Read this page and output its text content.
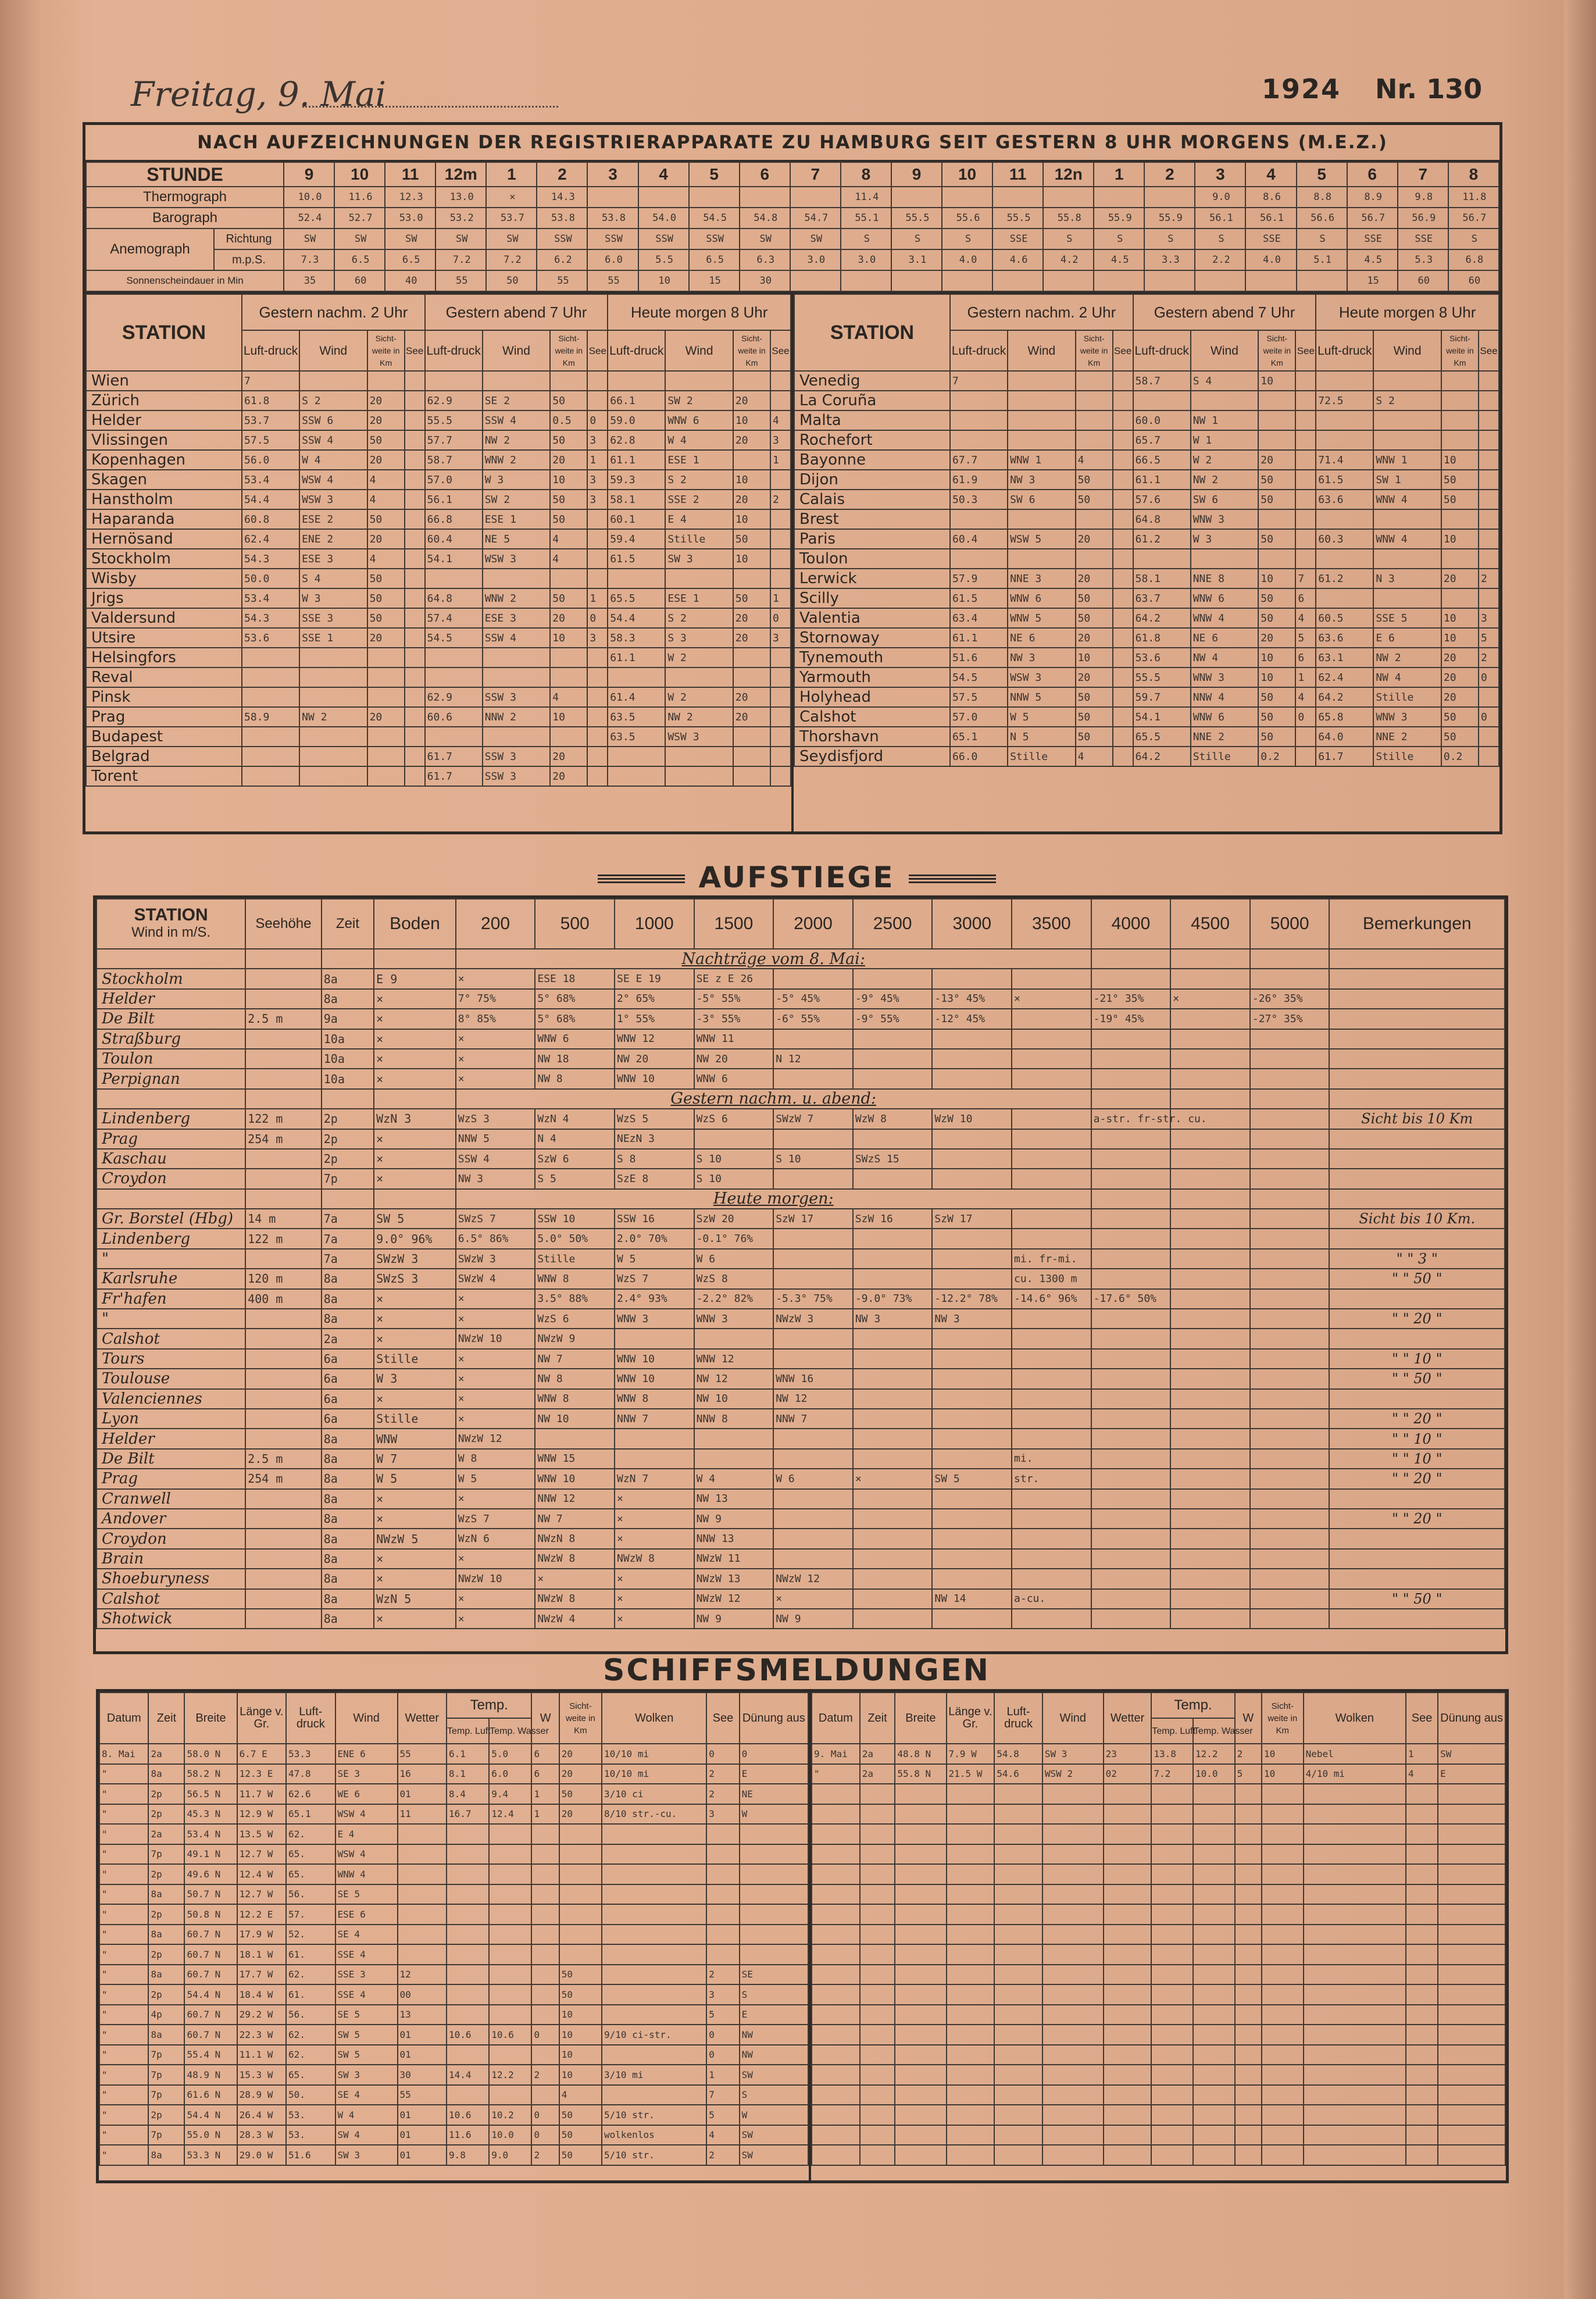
Freitag, 9. Mai	1924 Nr. 130
NACH AUFZEICHNUNGEN DER REGISTRIERAPPARATE ZU HAMBURG SEIT GESTERN 8 UHR MORGENS (M.E.Z.)
STUNDE		9	10	11	12m	1	2	3	4	5	6	7	8	9	10	11	12n	1	2	3	4	5	6	7	8
Thermograph		10.0	11.6	12.3	13.0	×	14.3						11.4							9.0	8.6	8.8	8.9	9.8	11.8
Barograph		52.4	52.7	53.0	53.2	53.7	53.8	53.8	54.0	54.5	54.8	54.7	55.1	55.5	55.6	55.5	55.8	55.9	55.9	56.1	56.1	56.6	56.7	56.9	56.7
Anemograph	Richtung	SW	SW	SW	SW	SW	SSW	SSW	SSW	SSW	SW	SW	S	S	S	SSE	S	S	S	S	SSE	S	SSE	SSE	S
	m.p.S.	7.3	6.5	6.5	7.2	7.2	6.2	6.0	5.5	6.5	6.3	3.0	3.0	3.1	4.0	4.6	4.2	4.5	3.3	2.2	4.0	5.1	4.5	5.3	6.8
Sonnenscheindauer in Min		35	60	40	55	50	55	55	10	15	30												15	60	60
STATION	Gestern nachm. 2 Uhr				Gestern abend 7 Uhr				Heute morgen 8 Uhr			
	Luft-druck	Wind	Sicht-weite in Km	See	Luft-druck	Wind	Sicht-weite in Km	See	Luft-druck	Wind	Sicht-weite in Km	See
Wien	7											
Zürich	61.8	S 2	20		62.9	SE 2	50		66.1	SW 2	20	
Helder	53.7	SSW 6	20		55.5	SSW 4	0.5	0	59.0	WNW 6	10	4
Vlissingen	57.5	SSW 4	50		57.7	NW 2	50	3	62.8	W 4	20	3
Kopenhagen	56.0	W 4	20		58.7	WNW 2	20	1	61.1	ESE 1		1
Skagen	53.4	WSW 4	4		57.0	W 3	10	3	59.3	S 2	10	
Hanstholm	54.4	WSW 3	4		56.1	SW 2	50	3	58.1	SSE 2	20	2
Haparanda	60.8	ESE 2	50		66.8	ESE 1	50		60.1	E 4	10	
Hernösand	62.4	ENE 2	20		60.4	NE 5	4		59.4	Stille	50	
Stockholm	54.3	ESE 3	4		54.1	WSW 3	4		61.5	SW 3	10	
Wisby	50.0	S 4	50									
Jrigs	53.4	W 3	50		64.8	WNW 2	50	1	65.5	ESE 1	50	1
Valdersund	54.3	SSE 3	50		57.4	ESE 3	20	0	54.4	S 2	20	0
Utsire	53.6	SSE 1	20		54.5	SSW 4	10	3	58.3	S 3	20	3
Helsingfors									61.1	W 2		
Reval												
Pinsk					62.9	SSW 3	4		61.4	W 2	20	
Prag	58.9	NW 2	20		60.6	NNW 2	10		63.5	NW 2	20	
Budapest									63.5	WSW 3		
Belgrad					61.7	SSW 3	20					
Torent					61.7	SSW 3	20					
STATION	Gestern nachm. 2 Uhr				Gestern abend 7 Uhr				Heute morgen 8 Uhr			
	Luft-druck	Wind	Sicht-weite in Km	See	Luft-druck	Wind	Sicht-weite in Km	See	Luft-druck	Wind	Sicht-weite in Km	See
Venedig	7				58.7	S 4	10					
La Coruña									72.5	S 2		
Malta					60.0	NW 1						
Rochefort					65.7	W 1						
Bayonne	67.7	WNW 1	4		66.5	W 2	20		71.4	WNW 1	10	
Dijon	61.9	NW 3	50		61.1	NW 2	50		61.5	SW 1	50	
Calais	50.3	SW 6	50		57.6	SW 6	50		63.6	WNW 4	50	
Brest					64.8	WNW 3						
Paris	60.4	WSW 5	20		61.2	W 3	50		60.3	WNW 4	10	
Toulon												
Lerwick	57.9	NNE 3	20		58.1	NNE 8	10	7	61.2	N 3	20	2
Scilly	61.5	WNW 6	50		63.7	WNW 6	50	6				
Valentia	63.4	WNW 5	50		64.2	WNW 4	50	4	60.5	SSE 5	10	3
Stornoway	61.1	NE 6	20		61.8	NE 6	20	5	63.6	E 6	10	5
Tynemouth	51.6	NW 3	10		53.6	NW 4	10	6	63.1	NW 2	20	2
Yarmouth	54.5	WSW 3	20		55.5	WNW 3	10	1	62.4	NW 4	20	0
Holyhead	57.5	NNW 5	50		59.7	NNW 4	50	4	64.2	Stille	20	
Calshot	57.0	W 5	50		54.1	WNW 6	50	0	65.8	WNW 3	50	0
Thorshavn	65.1	N 5	50		65.5	NNE 2	50		64.0	NNE 2	50	
Seydisfjord	66.0	Stille	4		64.2	Stille	0.2		61.7	Stille	0.2	
AUFSTIEGE
STATION
Wind in m/S.	Seehöhe	Zeit	Boden	200	500	1000	1500	2000	2500	3000	3500	4000	4500	5000	Bemerkungen
				Nachträge vom 8. Mai:											
Stockholm		8a	E 9	×	ESE 18	SE E 19	SE z E 26								
Helder		8a	×	7° 75%	5° 68%	2° 65%	-5° 55%	-5° 45%	-9° 45%	-13° 45%	×	-21° 35%	×	-26° 35%	
De Bilt	2.5 m	9a	×	8° 85%	5° 68%	1° 55%	-3° 55%	-6° 55%	-9° 55%	-12° 45%		-19° 45%		-27° 35%	
Straßburg		10a	×	×	WNW 6	WNW 12	WNW 11								
Toulon		10a	×	×	NW 18	NW 20	NW 20	N 12							
Perpignan		10a	×	×	NW 8	WNW 10	WNW 6								
				Gestern nachm. u. abend:											
Lindenberg	122 m	2p	WzN 3	WzS 3	WzN 4	WzS 5	WzS 6	SWzW 7	WzW 8	WzW 10		a-str. fr-str. cu.			Sicht bis 10 Km
Prag	254 m	2p	×	NNW 5	N 4	NEzN 3									
Kaschau		2p	×	SSW 4	SzW 6	S 8	S 10	S 10	SWzS 15						
Croydon		7p	×	NW 3	S 5	SzE 8	S 10								
				Heute morgen:											
Gr. Borstel (Hbg)	14 m	7a	SW 5	SWzS 7	SSW 10	SSW 16	SzW 20	SzW 17	SzW 16	SzW 17					Sicht bis 10 Km.
Lindenberg	122 m	7a	9.0° 96%	6.5° 86%	5.0° 50%	2.0° 70%	-0.1° 76%								
"		7a	SWzW 3	SWzW 3	Stille	W 5	W 6				mi. fr-mi.				" " 3 "
Karlsruhe	120 m	8a	SWzS 3	SWzW 4	WNW 8	WzS 7	WzS 8				cu. 1300 m				" " 50 "
Fr'hafen	400 m	8a	×	×	3.5° 88%	2.4° 93%	-2.2° 82%	-5.3° 75%	-9.0° 73%	-12.2° 78%	-14.6° 96%	-17.6° 50%			
"		8a	×	×	WzS 6	WNW 3	WNW 3	NWzW 3	NW 3	NW 3					" " 20 "
Calshot		2a	×	NWzW 10	NWzW 9										
Tours		6a	Stille	×	NW 7	WNW 10	WNW 12								" " 10 "
Toulouse		6a	W 3	×	NW 8	WNW 10	NW 12	WNW 16							" " 50 "
Valenciennes		6a	×	×	WNW 8	WNW 8	NW 10	NW 12							
Lyon		6a	Stille	×	NW 10	NNW 7	NNW 8	NNW 7							" " 20 "
Helder		8a	WNW	NWzW 12											" " 10 "
De Bilt	2.5 m	8a	W 7	W 8	WNW 15						mi.				" " 10 "
Prag	254 m	8a	W 5	W 5	WNW 10	WzN 7	W 4	W 6	×	SW 5	str.				" " 20 "
Cranwell		8a	×	×	NNW 12	×	NW 13								
Andover		8a	×	WzS 7	NW 7	×	NW 9								" " 20 "
Croydon		8a	NWzW 5	WzN 6	NWzN 8	×	NNW 13								
Brain		8a	×	×	NWzW 8	NWzW 8	NWzW 11								
Shoeburyness		8a	×	NWzW 10	×	×	NWzW 13	NWzW 12							
Calshot		8a	WzN 5	×	NWzW 8	×	NWzW 12	×		NW 14	a-cu.				" " 50 "
Shotwick		8a	×	×	NWzW 4	×	NW 9	NW 9							
SCHIFFSMELDUNGEN
Datum	Zeit	Breite	Länge v. Gr.	Luft-druck	Wind	Wetter	Temp.		W	Sicht-weite in Km	Wolken	See	Dünung aus
							Temp. Luft	Temp. Wasser					
8. Mai	2a	58.0 N	6.7 E	53.3	ENE 6	55	6.1	5.0	6	20	10/10 mi	0	0
"	8a	58.2 N	12.3 E	47.8	SE 3	16	8.1	6.0	6	20	10/10 mi	2	E
"	2p	56.5 N	11.7 W	62.6	WE 6	01	8.4	9.4	1	50	3/10 ci	2	NE
"	2p	45.3 N	12.9 W	65.1	WSW 4	11	16.7	12.4	1	20	8/10 str.-cu.	3	W
"	2a	53.4 N	13.5 W	62.	E 4								
"	7p	49.1 N	12.7 W	65.	WSW 4								
"	2p	49.6 N	12.4 W	65.	WNW 4								
"	8a	50.7 N	12.7 W	56.	SE 5								
"	2p	50.8 N	12.2 E	57.	ESE 6								
"	8a	60.7 N	17.9 W	52.	SE 4								
"	2p	60.7 N	18.1 W	61.	SSE 4								
"	8a	60.7 N	17.7 W	62.	SSE 3	12				50		2	SE
"	2p	54.4 N	18.4 W	61.	SSE 4	00				50		3	S
"	4p	60.7 N	29.2 W	56.	SE 5	13				10		5	E
"	8a	60.7 N	22.3 W	62.	SW 5	01	10.6	10.6	0	10	9/10 ci-str.	0	NW
"	7p	55.4 N	11.1 W	62.	SW 5	01				10		0	NW
"	7p	48.9 N	15.3 W	65.	SW 3	30	14.4	12.2	2	10	3/10 mi	1	SW
"	7p	61.6 N	28.9 W	50.	SE 4	55				4		7	S
"	2p	54.4 N	26.4 W	53.	W 4	01	10.6	10.2	0	50	5/10 str.	5	W
"	7p	55.0 N	28.3 W	53.	SW 4	01	11.6	10.0	0	50	wolkenlos	4	SW
"	8a	53.3 N	29.0 W	51.6	SW 3	01	9.8	9.0	2	50	5/10 str.	2	SW
Datum	Zeit	Breite	Länge v. Gr.	Luft-druck	Wind	Wetter	Temp.		W	Sicht-weite in Km	Wolken	See	Dünung aus
							Temp. Luft	Temp. Wasser					
9. Mai	2a	48.8 N	7.9 W	54.8	SW 3	23	13.8	12.2	2	10	Nebel	1	SW
"	2a	55.8 N	21.5 W	54.6	WSW 2	02	7.2	10.0	5	10	4/10 mi	4	E
